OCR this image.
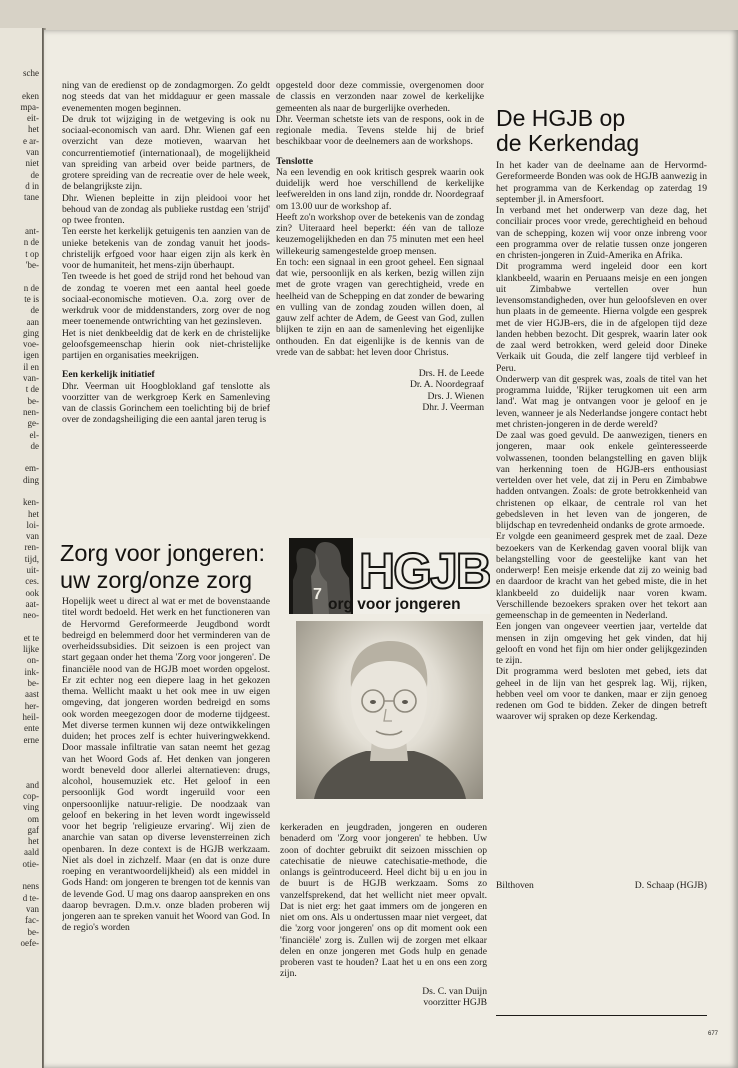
sche

eken
mpa-
eit-
het
e ar-
van
niet
de
d in
tane

ant-
n de
t op
'be-

n de
te is
de
aan
ging
voe-
igen
il en
van-
t de
be-
nen-
ge-
el-
de

em-
ding

ken-
het
loi-
van
ren-
tijd,
uit-
ces.
ook
aat-
neo-

et te
lijke
on-
ink-
be-
aast
her-
heil-
ente
erne

and
cop-
ving
om
gaf
het
aald
otie-

nens
d te-
van
fac-
be-
oefe-

ning van de eredienst op de zondagmorgen. Zo geldt nog steeds dat van het middaguur er geen massale evenementen mogen beginnen.

De druk tot wijziging in de wetgeving is ook nu sociaal-economisch van aard. Dhr. Wienen gaf een overzicht van deze motieven, waarvan het concurrentiemotief (internationaal), de mogelijkheid van spreiding van arbeid over beide partners, de grotere spreiding van de recreatie over de hele week, de belangrijkste zijn.

Dhr. Wienen bepleitte in zijn pleidooi voor het behoud van de zondag als publieke rustdag een 'strijd' op twee fronten.

Ten eerste het kerkelijk getuigenis ten aanzien van de unieke betekenis van de zondag vanuit het joods-christelijk erfgoed voor haar eigen zijn als kerk èn voor de humaniteit, het mens-zijn überhaupt.

Ten tweede is het goed de strijd rond het behoud van de zondag te voeren met een aantal heel goede sociaal-economische motieven. O.a. zorg over de werkdruk voor de middenstanders, zorg over de nog meer toenemende ontwrichting van het gezinsleven.

Het is niet denkbeeldig dat de kerk en de christelijke geloofsgemeenschap hierin ook niet-christelijke partijen en organisaties meekrijgen.

Een kerkelijk initiatief

Dhr. Veerman uit Hoogblokland gaf tenslotte als voorzitter van de werkgroep Kerk en Samenleving van de classis Gorinchem een toelichting bij de brief over de zondagsheiliging die een aantal jaren terug is

opgesteld door deze commissie, overgenomen door de classis en verzonden naar zowel de kerkelijke gemeenten als naar de burgerlijke overheden.

Dhr. Veerman schetste iets van de respons, ook in de regionale media. Tevens stelde hij de brief beschikbaar voor de deelnemers aan de workshops.

Tenslotte

Na een levendig en ook kritisch gesprek waarin ook duidelijk werd hoe verschillend de kerkelijke leefwerelden in ons land zijn, rondde dr. Noordegraaf om 13.00 uur de workshop af.

Heeft zo'n workshop over de betekenis van de zondag zin? Uiteraard heel beperkt: één van de talloze keuzemogelijkheden en dan 75 minuten met een heel willekeurig samengestelde groep mensen.

En toch: een signaal in een groot geheel. Een signaal dat wie, persoonlijk en als kerken, bezig willen zijn met de grote vragen van gerechtigheid, vrede en heelheid van de Schepping en dat zonder de bewaring en vulling van de zondag zouden willen doen, al gauw zelf achter de Adem, de Geest van God, zullen blijken te zijn en aan de samenleving het eigenlijke onthouden. En dat eigenlijke is de kennis van de vrede van de sabbat: het leven door Christus.

Drs. H. de Leede
Dr. A. Noordegraaf
Drs. J. Wienen
Dhr. J. Veerman
De HGJB op
de Kerkendag

In het kader van de deelname aan de Hervormd-Gereformeerde Bonden was ook de HGJB aanwezig in het programma van de Kerkendag op zaterdag 19 september jl. in Amersfoort.

In verband met het onderwerp van deze dag, het conciliair proces voor vrede, gerechtigheid en behoud van de schepping, kozen wij voor onze inbreng voor een programma over de relatie tussen onze jongeren en christen-jongeren in Zuid-Amerika en Afrika.

Dit programma werd ingeleid door een kort klankbeeld, waarin en Peruaans meisje en een jongen uit Zimbabwe vertellen over hun levensomstandigheden, over hun geloofsleven en over hun plaats in de gemeente. Hierna volgde een gesprek met de vier HGJB-ers, die in de afgelopen tijd deze landen hebben bezocht. Dit gesprek, waarin later ook de zaal werd betrokken, werd geleid door Dineke Verkaik uit Gouda, die zelf langere tijd verbleef in Peru.

Onderwerp van dit gesprek was, zoals de titel van het programma luidde, 'Rijker terugkomen uit een arm land'. Wat mag je ontvangen voor je geloof en je leven, wanneer je als Nederlandse jongere contact hebt met christen-jongeren in de derde wereld?

De zaal was goed gevuld. De aanwezigen, tieners en jongeren, maar ook enkele geïnteresseerde volwassenen, toonden belangstelling en gaven blijk van herkenning toen de HGJB-ers enthousiast vertelden over het vele, dat zij in Peru en Zimbabwe hadden ontvangen. Zoals: de grote betrokkenheid van christenen op elkaar, de centrale rol van het gebedsleven in het leven van de jongeren, de blijdschap en tevredenheid ondanks de grote armoede.

Er volgde een geanimeerd gesprek met de zaal. Deze bezoekers van de Kerkendag gaven vooral blijk van belangstelling voor de geestelijke kant van het onderwerp! Een meisje erkende dat zij zo weinig bad en daardoor de kracht van het gebed miste, die in het klankbeeld zo duidelijk naar voren kwam. Verschillende bezoekers spraken over het tekort aan gemeenschap in de gemeenten in Nederland.

Een jongen van ongeveer veertien jaar, vertelde dat mensen in zijn omgeving het gek vinden, dat hij gelooft en vond het fijn om hier onder gelijkgezinden te zijn.

Dit programma werd besloten met gebed, iets dat geheel in de lijn van het gesprek lag. Wij, rijken, hebben veel om voor te danken, maar er zijn genoeg redenen om God te bidden. Zeker de dingen betreft waarover wij spraken op deze Kerkendag.

Bilthoven	D. Schaap (HGJB)
Zorg voor jongeren:
uw zorg/onze zorg
7 HGJB
org voor jongeren

Hopelijk weet u direct al wat er met de bovenstaande titel wordt bedoeld. Het werk en het functioneren van de Hervormd Gereformeerde Jeugdbond wordt bedreigd en belemmerd door het verminderen van de overheidssubsidies. Dit seizoen is een project van start gegaan onder het thema 'Zorg voor jongeren'. De financiële nood van de HGJB moet worden opgelost. Er zit echter nog een diepere laag in het gekozen thema. Wellicht maakt u het ook mee in uw eigen omgeving, dat jongeren worden bedreigd en soms ook worden meegezogen door de moderne tijdgeest. Met diverse termen kunnen wij deze ontwikkelingen duiden; het proces zelf is echter huiveringwekkend. Door massale infiltratie van satan neemt het gezag van het Woord Gods af. Het denken van jongeren wordt beneveld door allerlei alternatieven: drugs, alcohol, housemuziek etc. Het geloof in een persoonlijk God wordt ingeruild voor een onpersoonlijke natuur-religie. De noodzaak van geloof en bekering in het leven wordt ingewisseld voor het begrip 'religieuze ervaring'. Wij zien de anarchie van satan op diverse levensterreinen zich openbaren. In deze context is de HGJB werkzaam. Niet als doel in zichzelf. Maar (en dat is onze dure roeping en verantwoordelijkheid) als een middel in Gods Hand: om jongeren te brengen tot de kennis van de levende God. U mag ons daarop aanspreken en ons daarop bevragen. D.m.v. onze bladen proberen wij jongeren aan te spreken vanuit het Woord van God. In de regio's worden

kerkeraden en jeugdraden, jongeren en ouderen benaderd om 'Zorg voor jongeren' te hebben. Uw zoon of dochter gebruikt dit seizoen misschien op catechisatie de nieuwe catechisatie-methode, die onlangs is geïntroduceerd. Heel dicht bij u en jou in de buurt is de HGJB werkzaam. Soms zo vanzelfsprekend, dat het wellicht niet meer opvalt. Dat is niet erg: het gaat immers om de jongeren en niet om ons. Als u ondertussen maar niet vergeet, dat die 'zorg voor jongeren' ons op dit moment ook een 'financiële' zorg is. Zullen wij de zorgen met elkaar delen en onze jongeren met Gods hulp en genade proberen vast te houden? Laat het u en ons een zorg zijn.

Ds. C. van Duijn
voorzitter HGJB
677
